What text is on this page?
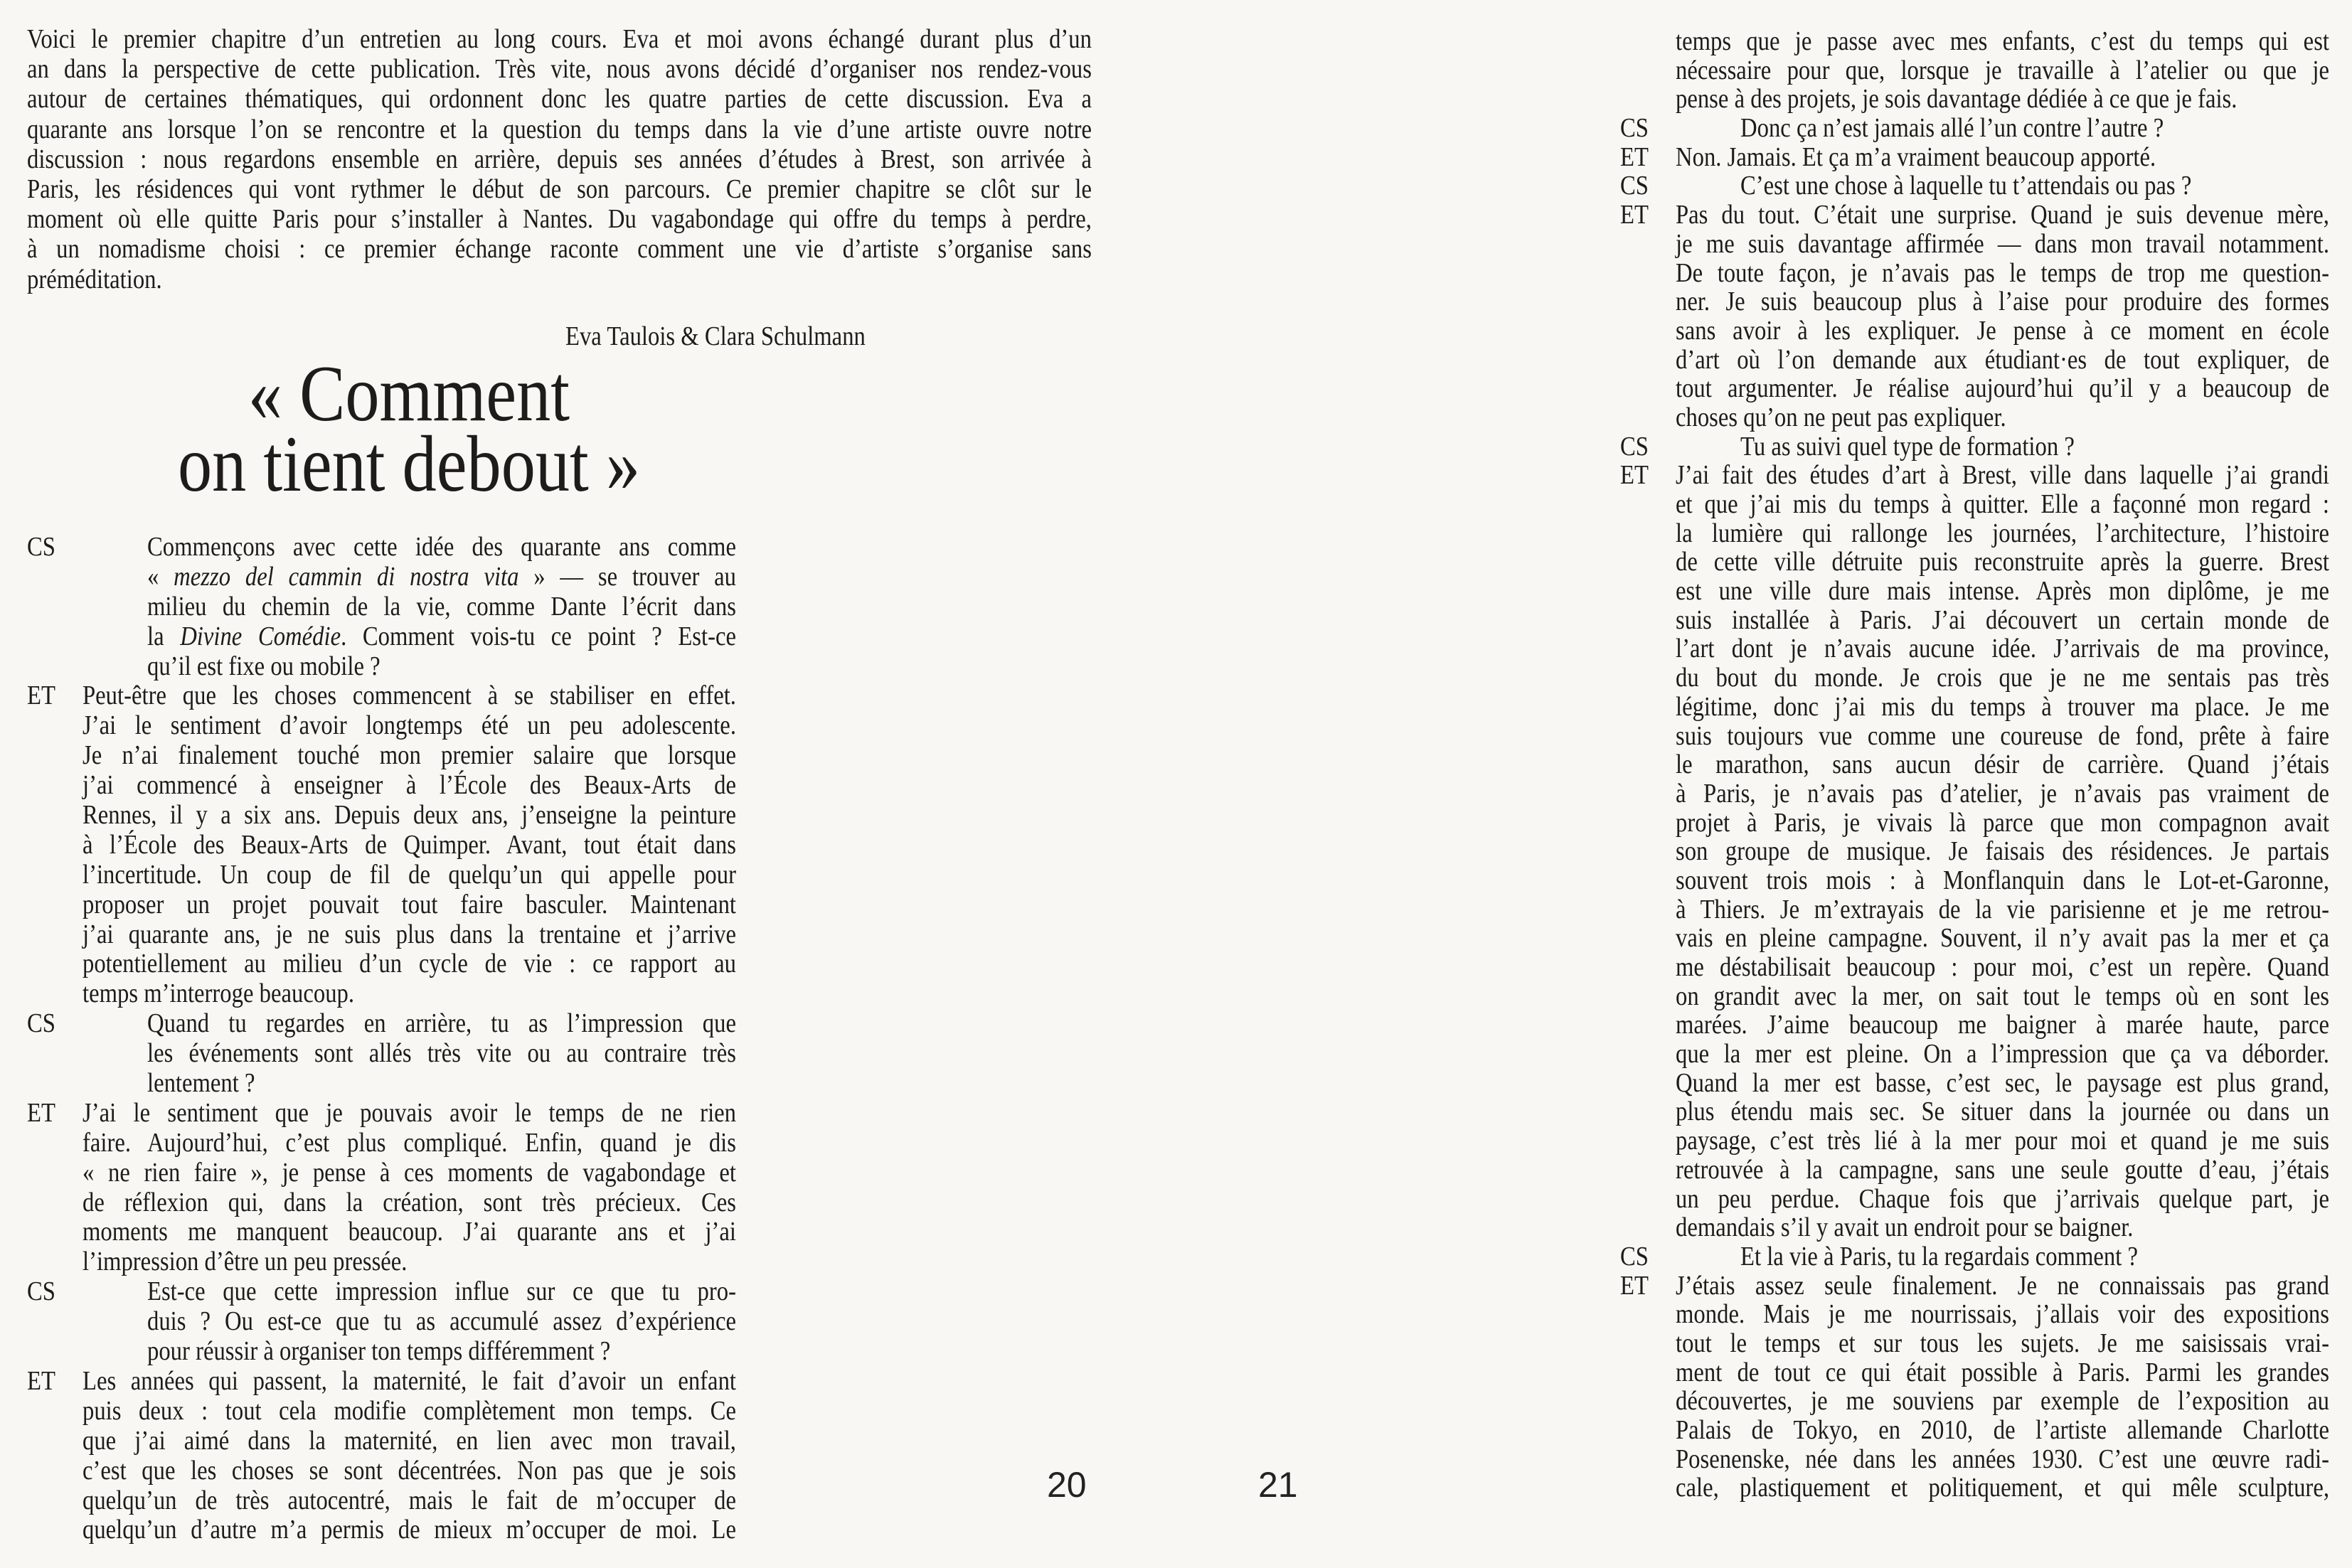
Voici le premier chapitre d’un entretien au long cours. Eva et moi avons échangé durant plus d’un
an dans la perspective de cette publication. Très vite, nous avons décidé d’organiser nos rendez-vous
autour de certaines thématiques, qui ordonnent donc les quatre parties de cette discussion. Eva a
quarante ans lorsque l’on se rencontre et la question du temps dans la vie d’une artiste ouvre notre
discussion : nous regardons ensemble en arrière, depuis ses années d’études à Brest, son arrivée à
Paris, les résidences qui vont rythmer le début de son parcours. Ce premier chapitre se clôt sur le
moment où elle quitte Paris pour s’installer à Nantes. Du vagabondage qui offre du temps à perdre,
à un nomadisme choisi : ce premier échange raconte comment une vie d’artiste s’organise sans
préméditation.
Eva Taulois & Clara Schulmann
« Comment
on tient debout »
CS	Commençons avec cette idée des quarante ans comme
« mezzo del cammin di nostra vita » — se trouver au
milieu du chemin de la vie, comme Dante l’écrit dans
la Divine Comédie. Comment vois-tu ce point ? Est-ce
qu’il est fixe ou mobile ?
ET Peut-être que les choses commencent à se stabiliser en effet.
J’ai le sentiment d’avoir longtemps été un peu adolescente.
Je n’ai finalement touché mon premier salaire que lorsque
j’ai commencé à enseigner à l’École des Beaux-Arts de
Rennes, il y a six ans. Depuis deux ans, j’enseigne la peinture
à l’École des Beaux-Arts de Quimper. Avant, tout était dans
l’incertitude. Un coup de fil de quelqu’un qui appelle pour
proposer un projet pouvait tout faire basculer. Maintenant
j’ai quarante ans, je ne suis plus dans la trentaine et j’arrive
potentiellement au milieu d’un cycle de vie : ce rapport au
temps m’interroge beaucoup.
CS	Quand tu regardes en arrière, tu as l’impression que
les événements sont allés très vite ou au contraire très
lentement ?
ET J’ai le sentiment que je pouvais avoir le temps de ne rien
faire. Aujourd’hui, c’est plus compliqué. Enfin, quand je dis
« ne rien faire », je pense à ces moments de vagabondage et
de réflexion qui, dans la création, sont très précieux. Ces
moments me manquent beaucoup. J’ai quarante ans et j’ai
l’impression d’être un peu pressée.
CS	Est-ce que cette impression influe sur ce que tu pro-
duis ? Ou est-ce que tu as accumulé assez d’expérience
pour réussir à organiser ton temps différemment ?
ET Les années qui passent, la maternité, le fait d’avoir un enfant
puis deux : tout cela modifie complètement mon temps. Ce
que j’ai aimé dans la maternité, en lien avec mon travail,
c’est que les choses se sont décentrées. Non pas que je sois
quelqu’un de très autocentré, mais le fait de m’occuper de
quelqu’un d’autre m’a permis de mieux m’occuper de moi. Le
temps que je passe avec mes enfants, c’est du temps qui est
nécessaire pour que, lorsque je travaille à l’atelier ou que je
pense à des projets, je sois davantage dédiée à ce que je fais.
CS	Donc ça n’est jamais allé l’un contre l’autre ?
ET Non. Jamais. Et ça m’a vraiment beaucoup apporté.
CS	C’est une chose à laquelle tu t’attendais ou pas ?
ET Pas du tout. C’était une surprise. Quand je suis devenue mère,
je me suis davantage affirmée — dans mon travail notamment.
De toute façon, je n’avais pas le temps de trop me question-
ner. Je suis beaucoup plus à l’aise pour produire des formes
sans avoir à les expliquer. Je pense à ce moment en école
d’art où l’on demande aux étudiant·es de tout expliquer, de
tout argumenter. Je réalise aujourd’hui qu’il y a beaucoup de
choses qu’on ne peut pas expliquer.
CS	Tu as suivi quel type de formation ?
ET J’ai fait des études d’art à Brest, ville dans laquelle j’ai grandi
et que j’ai mis du temps à quitter. Elle a façonné mon regard :
la lumière qui rallonge les journées, l’architecture, l’histoire
de cette ville détruite puis reconstruite après la guerre. Brest
est une ville dure mais intense. Après mon diplôme, je me
suis installée à Paris. J’ai découvert un certain monde de
l’art dont je n’avais aucune idée. J’arrivais de ma province,
du bout du monde. Je crois que je ne me sentais pas très
légitime, donc j’ai mis du temps à trouver ma place. Je me
suis toujours vue comme une coureuse de fond, prête à faire
le marathon, sans aucun désir de carrière. Quand j’étais
à Paris, je n’avais pas d’atelier, je n’avais pas vraiment de
projet à Paris, je vivais là parce que mon compagnon avait
son groupe de musique. Je faisais des résidences. Je partais
souvent trois mois : à Monflanquin dans le Lot-et-Garonne,
à Thiers. Je m’extrayais de la vie parisienne et je me retrou-
vais en pleine campagne. Souvent, il n’y avait pas la mer et ça
me déstabilisait beaucoup : pour moi, c’est un repère. Quand
on grandit avec la mer, on sait tout le temps où en sont les
marées. J’aime beaucoup me baigner à marée haute, parce
que la mer est pleine. On a l’impression que ça va déborder.
Quand la mer est basse, c’est sec, le paysage est plus grand,
plus étendu mais sec. Se situer dans la journée ou dans un
paysage, c’est très lié à la mer pour moi et quand je me suis
retrouvée à la campagne, sans une seule goutte d’eau, j’étais
un peu perdue. Chaque fois que j’arrivais quelque part, je
demandais s’il y avait un endroit pour se baigner.
CS	Et la vie à Paris, tu la regardais comment ?
ET J’étais assez seule finalement. Je ne connaissais pas grand
monde. Mais je me nourrissais, j’allais voir des expositions
tout le temps et sur tous les sujets. Je me saisissais vrai-
ment de tout ce qui était possible à Paris. Parmi les grandes
découvertes, je me souviens par exemple de l’exposition au
Palais de Tokyo, en 2010, de l’artiste allemande Charlotte
Posenenske, née dans les années 1930. C’est une œuvre radi-
cale, plastiquement et politiquement, et qui mêle sculpture,
20	21
